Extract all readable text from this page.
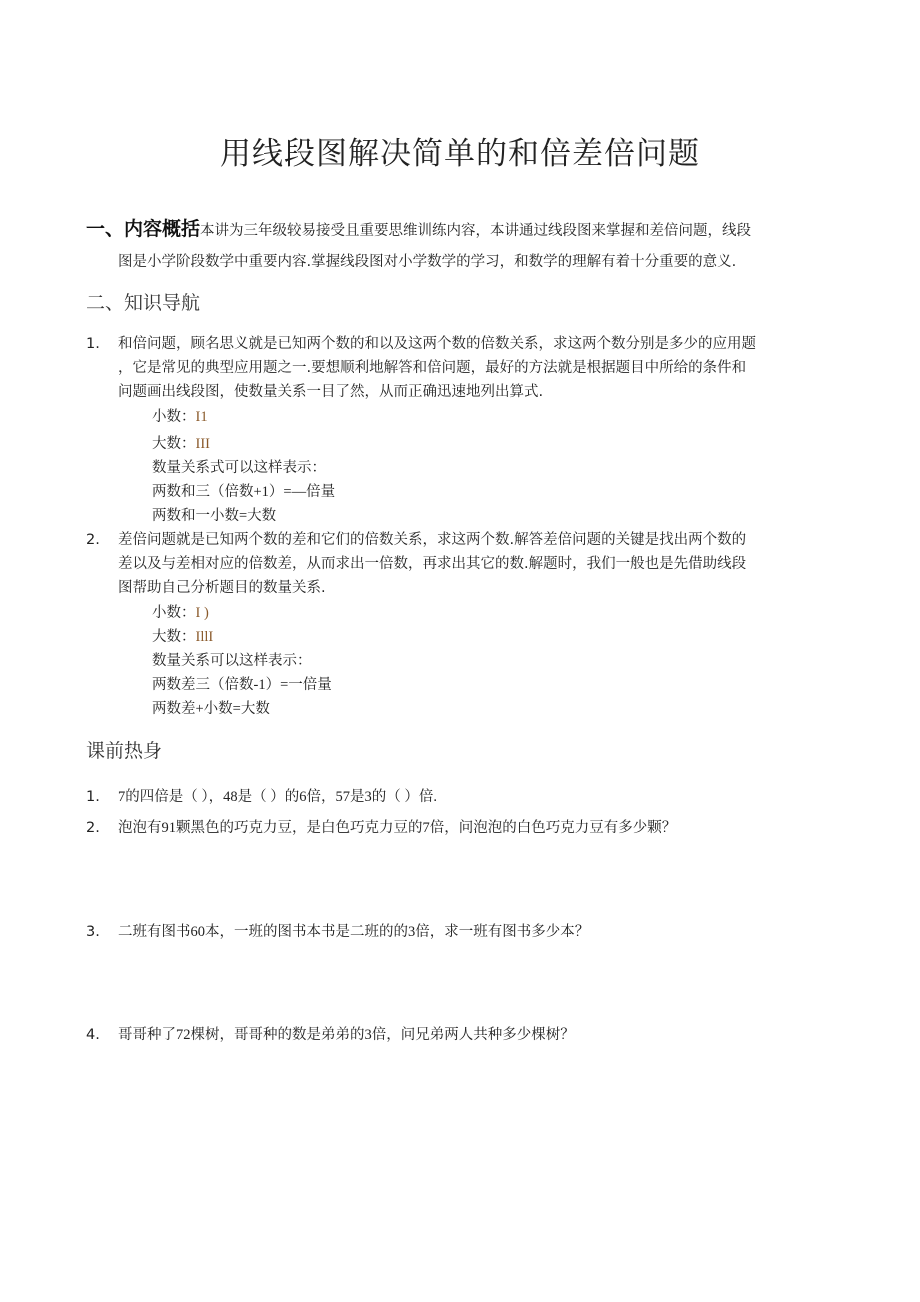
用线段图解决简单的和倍差倍问题
一、内容概括本讲为三年级较易接受且重要思维训练内容，本讲通过线段图来掌握和差倍问题，线段
图是小学阶段数学中重要内容.掌握线段图对小学数学的学习，和数学的理解有着十分重要的意义.
二、知识导航
1. 和倍问题，顾名思义就是已知两个数的和以及这两个数的倍数关系，求这两个数分别是多少的应用题
，它是常见的典型应用题之一.要想顺利地解答和倍问题，最好的方法就是根据题目中所给的条件和
问题画出线段图，使数量关系一目了然，从而正确迅速地列出算式.
小数：I1
大数：III
数量关系式可以这样表示：
两数和三（倍数+1）=—倍量
两数和一小数=大数
2. 差倍问题就是已知两个数的差和它们的倍数关系，求这两个数.解答差倍问题的关键是找出两个数的
差以及与差相对应的倍数差，从而求出一倍数，再求出其它的数.解题时，我们一般也是先借助线段
图帮助自己分析题目的数量关系.
小数：I )
大数：IllI
数量关系可以这样表示：
两数差三（倍数-1）=一倍量
两数差+小数=大数
课前热身
1. 7的四倍是（ ），48是（ ）的6倍，57是3的（ ）倍.
2. 泡泡有91颗黑色的巧克力豆，是白色巧克力豆的7倍，问泡泡的白色巧克力豆有多少颗？
3. 二班有图书60本，一班的图书本书是二班的的3倍，求一班有图书多少本？
4. 哥哥种了72棵树，哥哥种的数是弟弟的3倍，问兄弟两人共种多少棵树？
